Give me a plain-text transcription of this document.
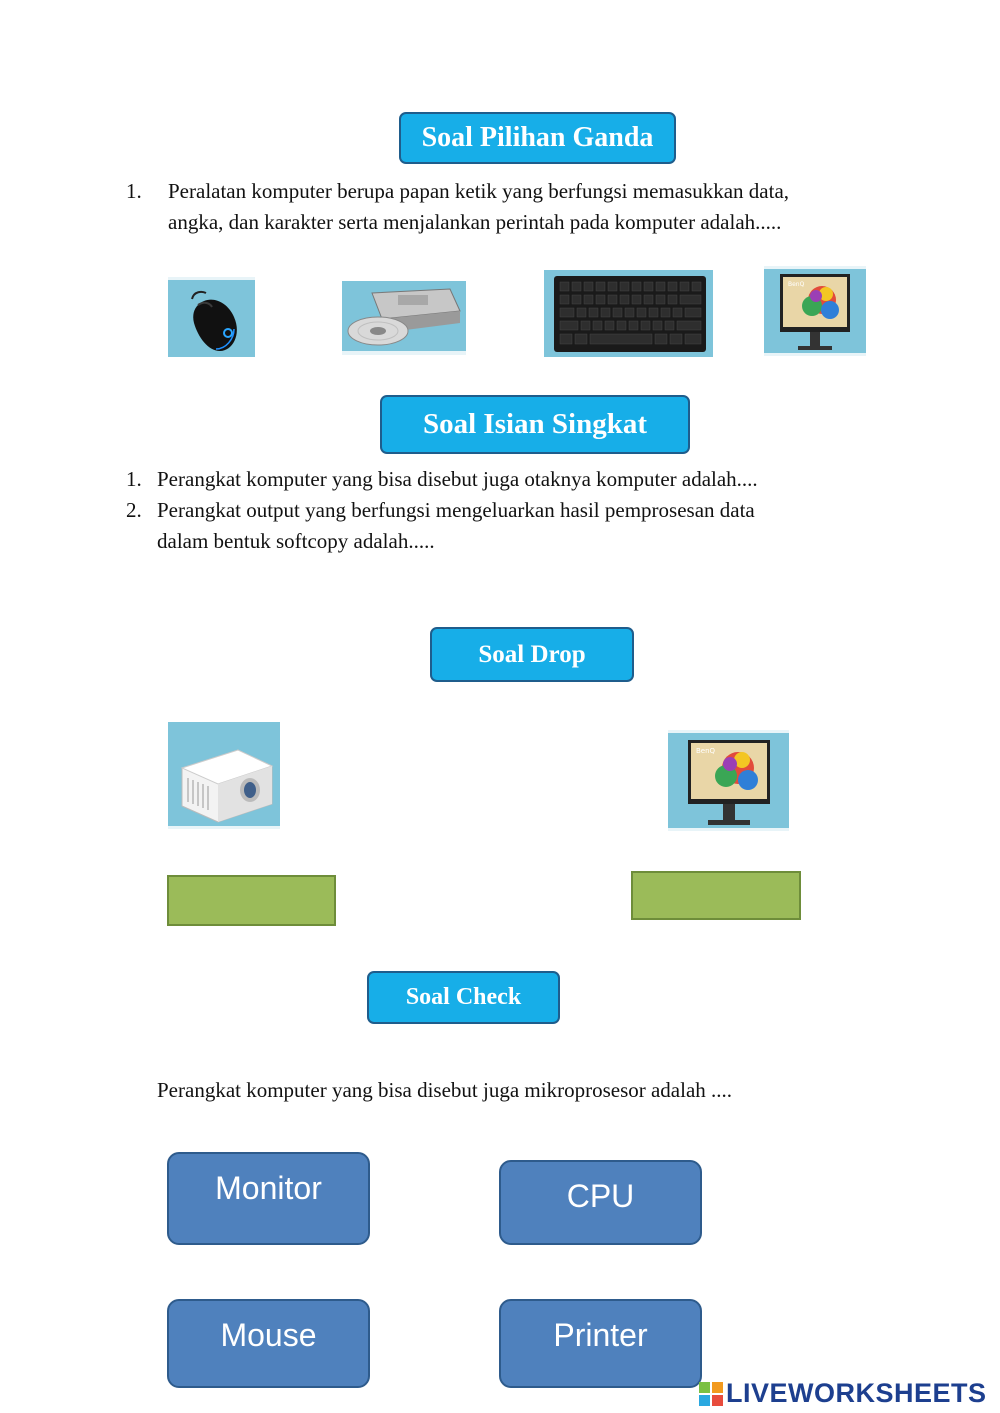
Soal Pilihan Ganda
1. Peralatan komputer berupa papan ketik yang berfungsi memasukkan data,
angka, dan karakter serta menjalankan perintah pada komputer adalah.....
BenQ
Soal Isian Singkat
1. Perangkat komputer yang bisa disebut juga otaknya komputer adalah....
2. Perangkat output yang berfungsi mengeluarkan hasil pemprosesan data
dalam bentuk softcopy adalah.....
Soal Drop
BenQ
Soal Check
Perangkat komputer yang bisa disebut juga mikroprosesor adalah ....
Monitor	CPU
Mouse	Printer
LIVEWORKSHEETS
